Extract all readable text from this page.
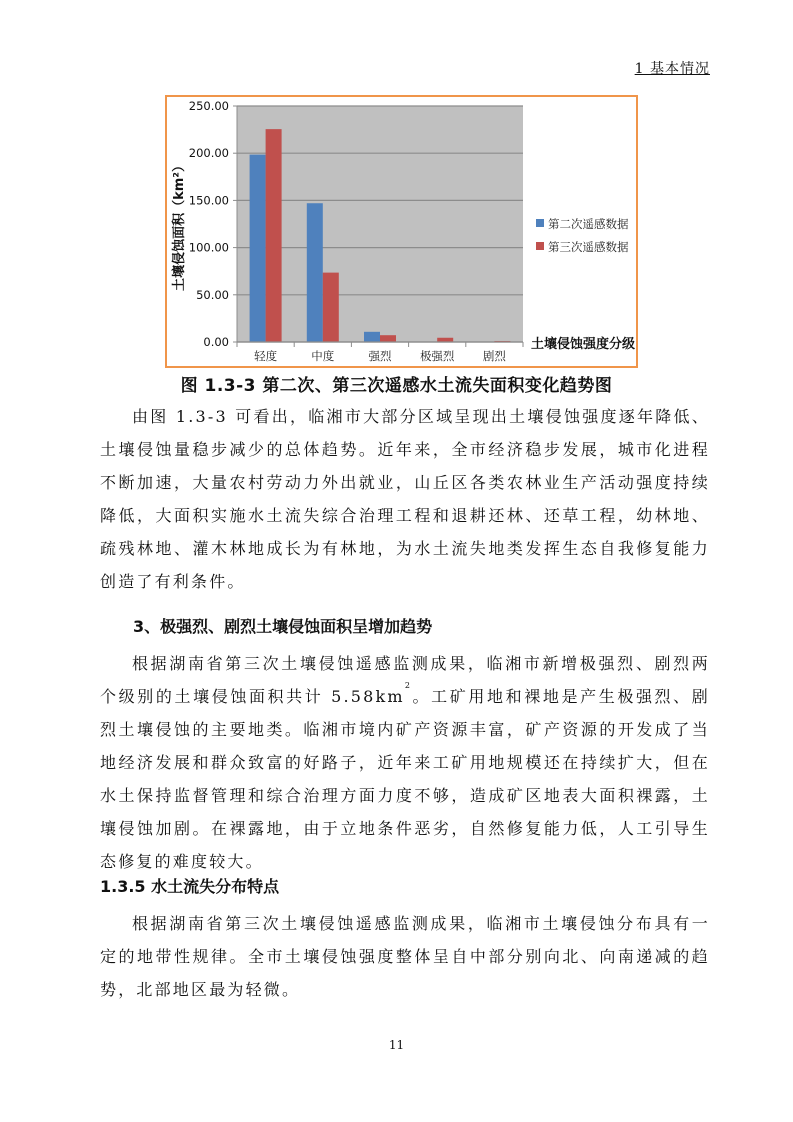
1 基本情况
0.00
50.00
100.00
150.00
200.00
250.00
轻度	中度	强烈 极强烈 剧烈
土壤侵蚀面积（km²）
土壤侵蚀强度分级
第二次遥感数据
第三次遥感数据
图 1.3-3 第二次、第三次遥感水土流失面积变化趋势图

由图 1.3-3 可看出，临湘市大部分区域呈现出土壤侵蚀强度逐年降低、土壤侵蚀量稳步减少的总体趋势。近年来，全市经济稳步发展，城市化进程不断加速，大量农村劳动力外出就业，山丘区各类农林业生产活动强度持续降低，大面积实施水土流失综合治理工程和退耕还林、还草工程，幼林地、疏残林地、灌木林地成长为有林地，为水土流失地类发挥生态自我修复能力创造了有利条件。

3、极强烈、剧烈土壤侵蚀面积呈增加趋势

根据湖南省第三次土壤侵蚀遥感监测成果，临湘市新增极强烈、剧烈两个级别的土壤侵蚀面积共计 $5.58km^2$。工矿用地和裸地是产生极强烈、剧烈土壤侵蚀的主要地类。临湘市境内矿产资源丰富，矿产资源的开发成了当地经济发展和群众致富的好路子，近年来工矿用地规模还在持续扩大，但在水土保持监督管理和综合治理方面力度不够，造成矿区地表大面积裸露，土壤侵蚀加剧。在裸露地，由于立地条件恶劣，自然修复能力低，人工引导生态修复的难度较大。

1.3.5 水土流失分布特点

根据湖南省第三次土壤侵蚀遥感监测成果，临湘市土壤侵蚀分布具有一定的地带性规律。全市土壤侵蚀强度整体呈自中部分别向北、向南递减的趋势，北部地区最为轻微。

11
